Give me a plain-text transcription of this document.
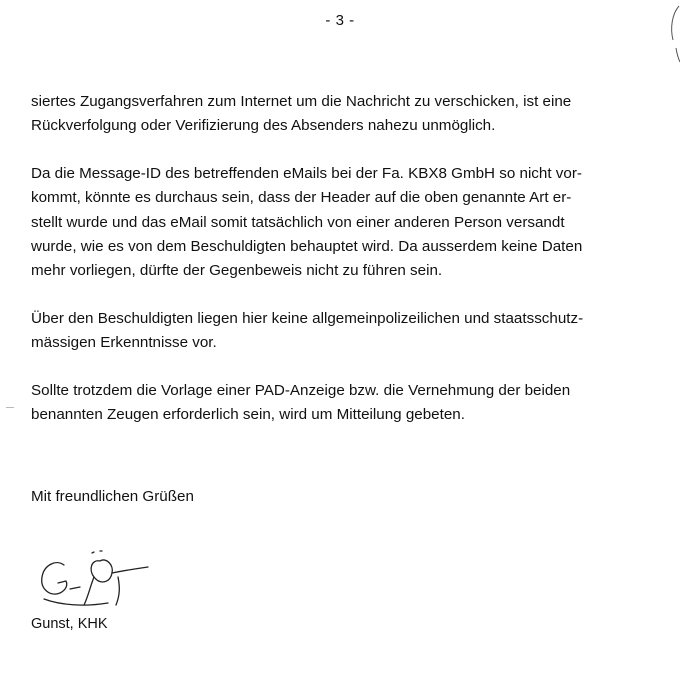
- 3 -

siertes Zugangsverfahren zum Internet um die Nachricht zu verschicken, ist eine
Rückverfolgung oder Verifizierung des Absenders nahezu unmöglich.

Da die Message-ID des betreffenden eMails bei der Fa. KBX8 GmbH so nicht vor-
kommt, könnte es durchaus sein, dass der Header auf die oben genannte Art er-
stellt wurde und das eMail somit tatsächlich von einer anderen Person versandt
wurde, wie es von dem Beschuldigten behauptet wird. Da ausserdem keine Daten
mehr vorliegen, dürfte der Gegenbeweis nicht zu führen sein.

Über den Beschuldigten liegen hier keine allgemeinpolizeilichen und staatsschutz-
mässigen Erkenntnisse vor.

Sollte trotzdem die Vorlage einer PAD-Anzeige bzw. die Vernehmung der beiden
benannten Zeugen erforderlich sein, wird um Mitteilung gebeten.

Mit freundlichen Grüßen
Gunst, KHK
